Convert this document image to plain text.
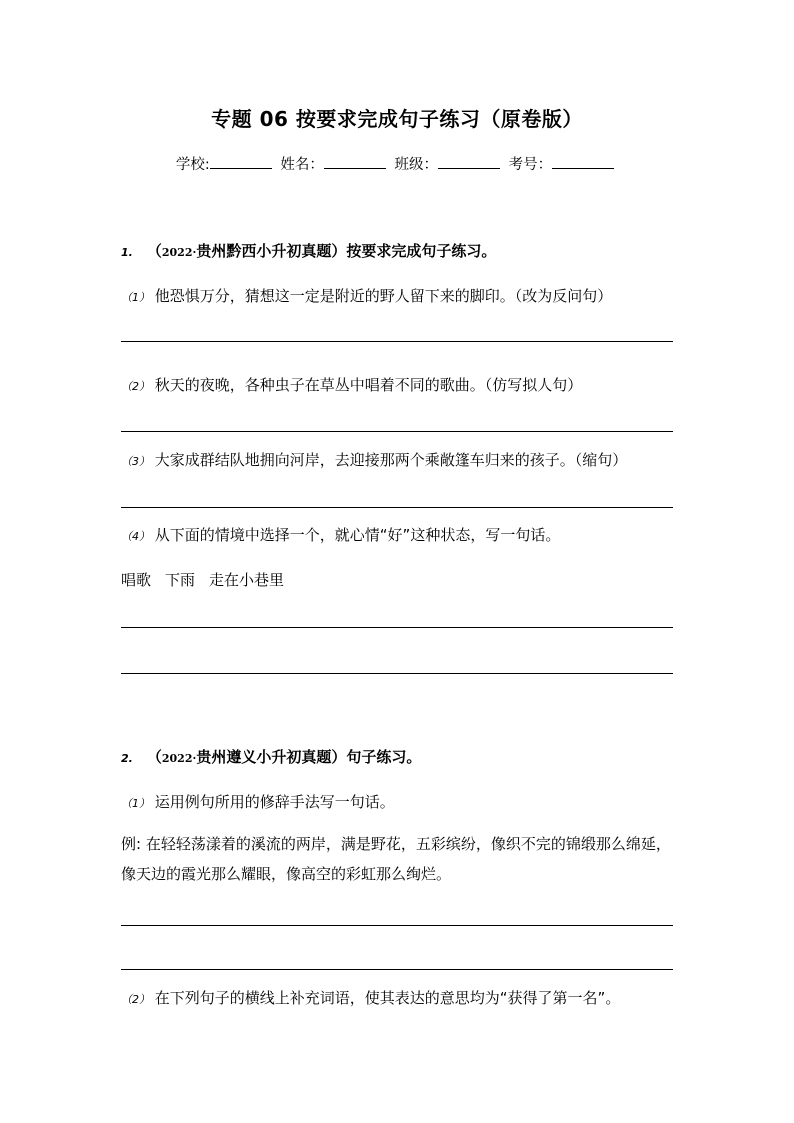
专题 06 按要求完成句子练习（原卷版）
学校:	姓名：	班级：	考号：
1. （2022·贵州黔西小升初真题）按要求完成句子练习。
（1） 他恐惧万分，猜想这一定是附近的野人留下来的脚印。（改为反问句）
（2） 秋天的夜晚，各种虫子在草丛中唱着不同的歌曲。（仿写拟人句）
（3） 大家成群结队地拥向河岸，去迎接那两个乘敞篷车归来的孩子。（缩句）
（4） 从下面的情境中选择一个，就心情“好”这种状态，写一句话。
唱歌 下雨 走在小巷里
2. （2022·贵州遵义小升初真题）句子练习。
（1） 运用例句所用的修辞手法写一句话。
例: 在轻轻荡漾着的溪流的两岸，满是野花，五彩缤纷，像织不完的锦缎那么绵延，像天边的霞光那么耀眼，像高空的彩虹那么绚烂。
（2） 在下列句子的横线上补充词语，使其表达的意思均为“获得了第一名”。
